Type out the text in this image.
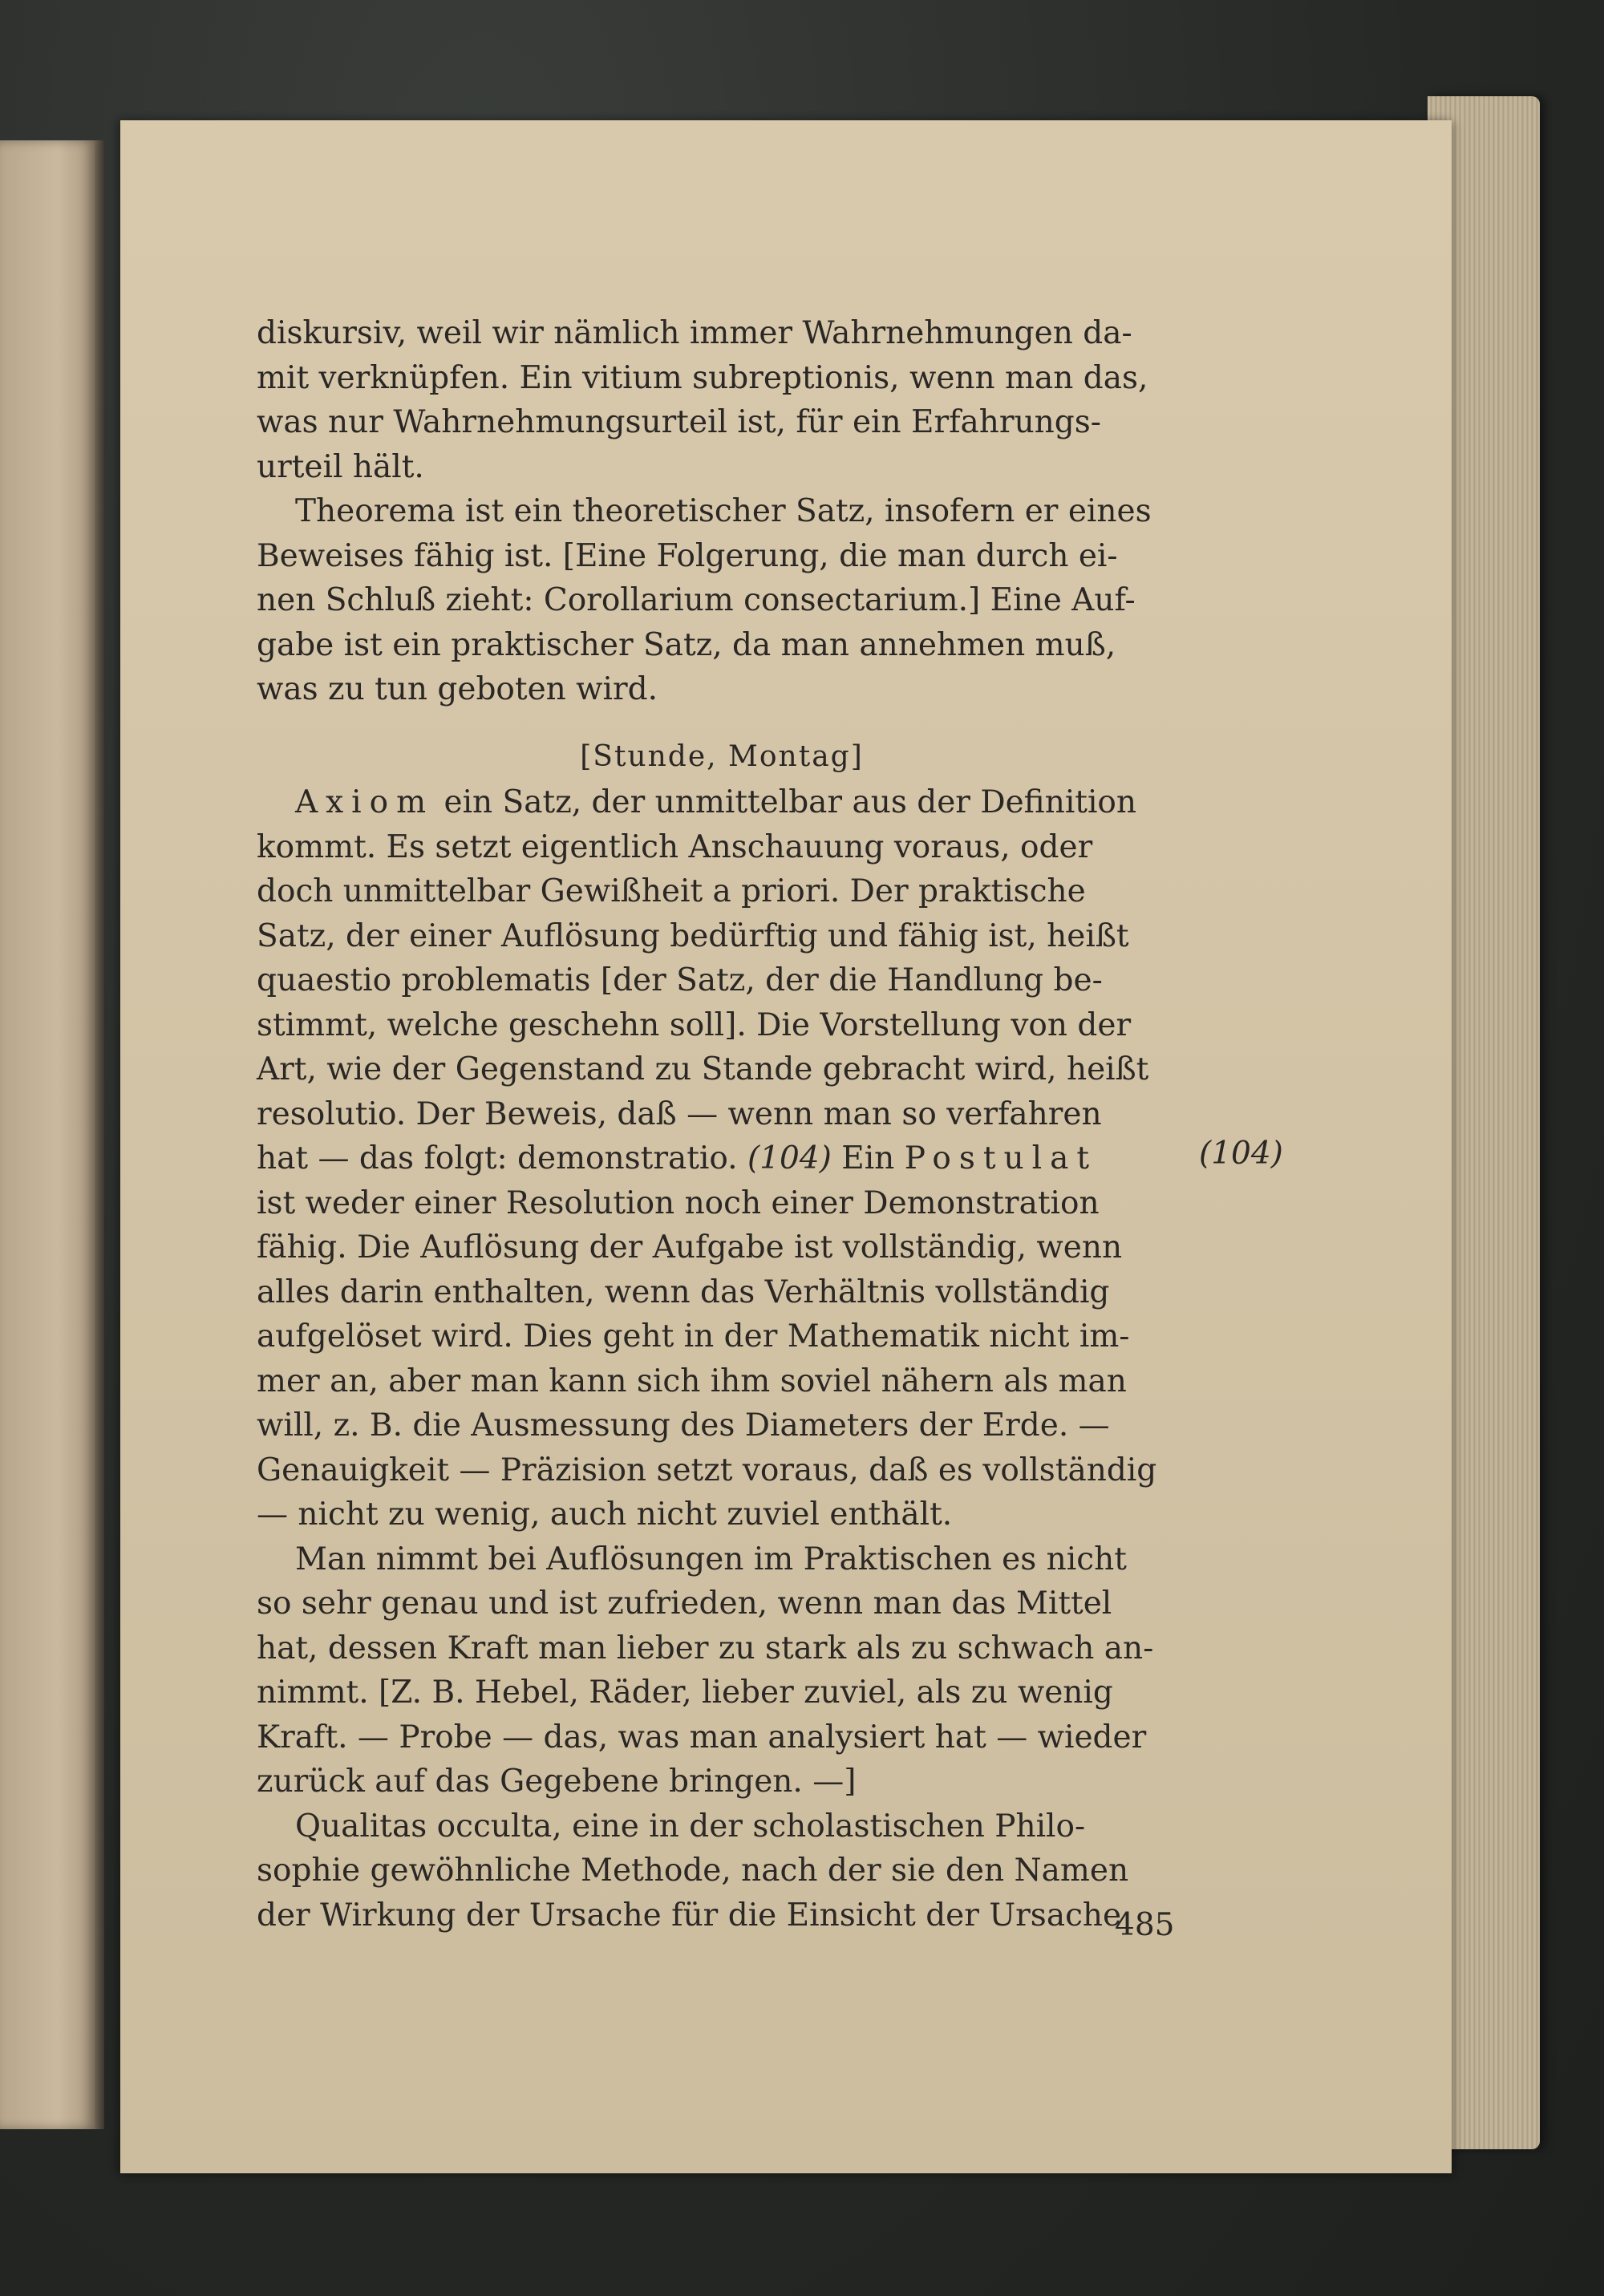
diskursiv, weil wir nämlich immer Wahrnehmungen da-

mit verknüpfen. Ein vitium subreptionis, wenn man das,

was nur Wahrnehmungsurteil ist, für ein Erfahrungs-

urteil hält.

Theorema ist ein theoretischer Satz, insofern er eines

Beweises fähig ist. [Eine Folgerung, die man durch ei-

nen Schluß zieht: Corollarium consectarium.] Eine Auf-

gabe ist ein praktischer Satz, da man annehmen muß,

was zu tun geboten wird.

[Stunde, Montag]

Axiom ein Satz, der unmittelbar aus der Definition

kommt. Es setzt eigentlich Anschauung voraus, oder

doch unmittelbar Gewißheit a priori. Der praktische

Satz, der einer Auflösung bedürftig und fähig ist, heißt

quaestio problematis [der Satz, der die Handlung be-

stimmt, welche geschehn soll]. Die Vorstellung von der

Art, wie der Gegenstand zu Stande gebracht wird, heißt

resolutio. Der Beweis, daß — wenn man so verfahren

hat — das folgt: demonstratio. (104) Ein Postulat

ist weder einer Resolution noch einer Demonstration

fähig. Die Auflösung der Aufgabe ist vollständig, wenn

alles darin enthalten, wenn das Verhältnis vollständig

aufgelöset wird. Dies geht in der Mathematik nicht im-

mer an, aber man kann sich ihm soviel nähern als man

will, z. B. die Ausmessung des Diameters der Erde. —

Genauigkeit — Präzision setzt voraus, daß es vollständig

— nicht zu wenig, auch nicht zuviel enthält.

Man nimmt bei Auflösungen im Praktischen es nicht

so sehr genau und ist zufrieden, wenn man das Mittel

hat, dessen Kraft man lieber zu stark als zu schwach an-

nimmt. [Z. B. Hebel, Räder, lieber zuviel, als zu wenig

Kraft. — Probe — das, was man analysiert hat — wieder

zurück auf das Gegebene bringen. —]

Qualitas occulta, eine in der scholastischen Philo-

sophie gewöhnliche Methode, nach der sie den Namen

der Wirkung der Ursache für die Einsicht der Ursache

(104)
485
